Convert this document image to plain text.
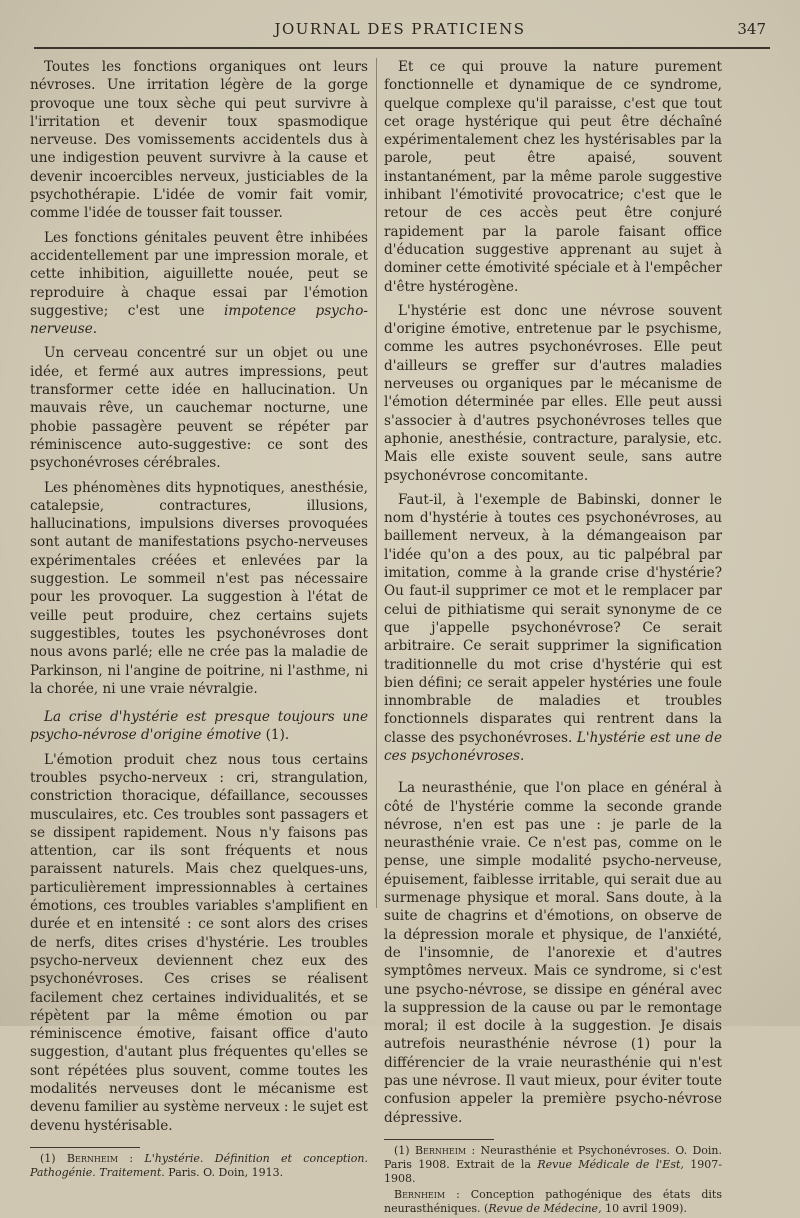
JOURNAL DES PRATICIENS	347

Toutes les fonctions organiques ont leurs névroses. Une irritation légère de la gorge provoque une toux sèche qui peut survivre à l'irritation et devenir toux spasmodique nerveuse. Des vomissements accidentels dus à une indigestion peuvent survivre à la cause et devenir incoercibles nerveux, justiciables de la psychothérapie. L'idée de vomir fait vomir, comme l'idée de tousser fait tousser.

Les fonctions génitales peuvent être inhibées accidentellement par une impression morale, et cette inhibition, aiguillette nouée, peut se reproduire à chaque essai par l'émotion suggestive; c'est une impotence psycho-nerveuse.

Un cerveau concentré sur un objet ou une idée, et fermé aux autres impressions, peut transformer cette idée en hallucination. Un mauvais rêve, un cauchemar nocturne, une phobie passagère peuvent se répéter par réminiscence auto-suggestive: ce sont des psychonévroses cérébrales.

Les phénomènes dits hypnotiques, anesthésie, catalepsie, contractures, illusions, hallucinations, impulsions diverses provoquées sont autant de manifestations psycho-nerveuses expérimentales créées et enlevées par la suggestion. Le sommeil n'est pas nécessaire pour les provoquer. La suggestion à l'état de veille peut produire, chez certains sujets suggestibles, toutes les psychonévroses dont nous avons parlé; elle ne crée pas la maladie de Parkinson, ni l'angine de poitrine, ni l'asthme, ni la chorée, ni une vraie névralgie.

La crise d'hystérie est presque toujours une psycho-névrose d'origine émotive (1).

L'émotion produit chez nous tous certains troubles psycho-nerveux : cri, strangulation, constriction thoracique, défaillance, secousses musculaires, etc. Ces troubles sont passagers et se dissipent rapidement. Nous n'y faisons pas attention, car ils sont fréquents et nous paraissent naturels. Mais chez quelques-uns, particulièrement impressionnables à certaines émotions, ces troubles variables s'amplifient en durée et en intensité : ce sont alors des crises de nerfs, dites crises d'hystérie. Les troubles psycho-nerveux deviennent chez eux des psychonévroses. Ces crises se réalisent facilement chez certaines individualités, et se répètent par la même émotion ou par réminiscence émotive, faisant office d'auto suggestion, d'autant plus fréquentes qu'elles se sont répétées plus souvent, comme toutes les modalités nerveuses dont le mécanisme est devenu familier au système nerveux : le sujet est devenu hystérisable.

(1) Bernheim : L'hystérie. Définition et conception. Pathogénie. Traitement. Paris. O. Doin, 1913.

Et ce qui prouve la nature purement fonctionnelle et dynamique de ce syndrome, quelque complexe qu'il paraisse, c'est que tout cet orage hystérique qui peut être déchaîné expérimentalement chez les hystérisables par la parole, peut être apaisé, souvent instantanément, par la même parole suggestive inhibant l'émotivité provocatrice; c'est que le retour de ces accès peut être conjuré rapidement par la parole faisant office d'éducation suggestive apprenant au sujet à dominer cette émotivité spéciale et à l'empêcher d'être hystérogène.

L'hystérie est donc une névrose souvent d'origine émotive, entretenue par le psychisme, comme les autres psychonévroses. Elle peut d'ailleurs se greffer sur d'autres maladies nerveuses ou organiques par le mécanisme de l'émotion déterminée par elles. Elle peut aussi s'associer à d'autres psychonévroses telles que aphonie, anesthésie, contracture, paralysie, etc. Mais elle existe souvent seule, sans autre psychonévrose concomitante.

Faut-il, à l'exemple de Babinski, donner le nom d'hystérie à toutes ces psychonévroses, au baillement nerveux, à la démangeaison par l'idée qu'on a des poux, au tic palpébral par imitation, comme à la grande crise d'hystérie? Ou faut-il supprimer ce mot et le remplacer par celui de pithiatisme qui serait synonyme de ce que j'appelle psychonévrose? Ce serait arbitraire. Ce serait supprimer la signification traditionnelle du mot crise d'hystérie qui est bien défini; ce serait appeler hystéries une foule innombrable de maladies et troubles fonctionnels disparates qui rentrent dans la classe des psychonévroses. L'hystérie est une de ces psychonévroses.

La neurasthénie, que l'on place en général à côté de l'hystérie comme la seconde grande névrose, n'en est pas une : je parle de la neurasthénie vraie. Ce n'est pas, comme on le pense, une simple modalité psycho-nerveuse, épuisement, faiblesse irritable, qui serait due au surmenage physique et moral. Sans doute, à la suite de chagrins et d'émotions, on observe de la dépression morale et physique, de l'anxiété, de l'insomnie, de l'anorexie et d'autres symptômes nerveux. Mais ce syndrome, si c'est une psycho-névrose, se dissipe en général avec la suppression de la cause ou par le remontage moral; il est docile à la suggestion. Je disais autrefois neurasthénie névrose (1) pour la différencier de la vraie neurasthénie qui n'est pas une névrose. Il vaut mieux, pour éviter toute confusion appeler la première psycho-névrose dépressive.

(1) Bernheim : Neurasthénie et Psychonévroses. O. Doin. Paris 1908. Extrait de la Revue Médicale de l'Est, 1907-1908.

Bernheim : Conception pathogénique des états dits neurasthéniques. (Revue de Médecine, 10 avril 1909).
